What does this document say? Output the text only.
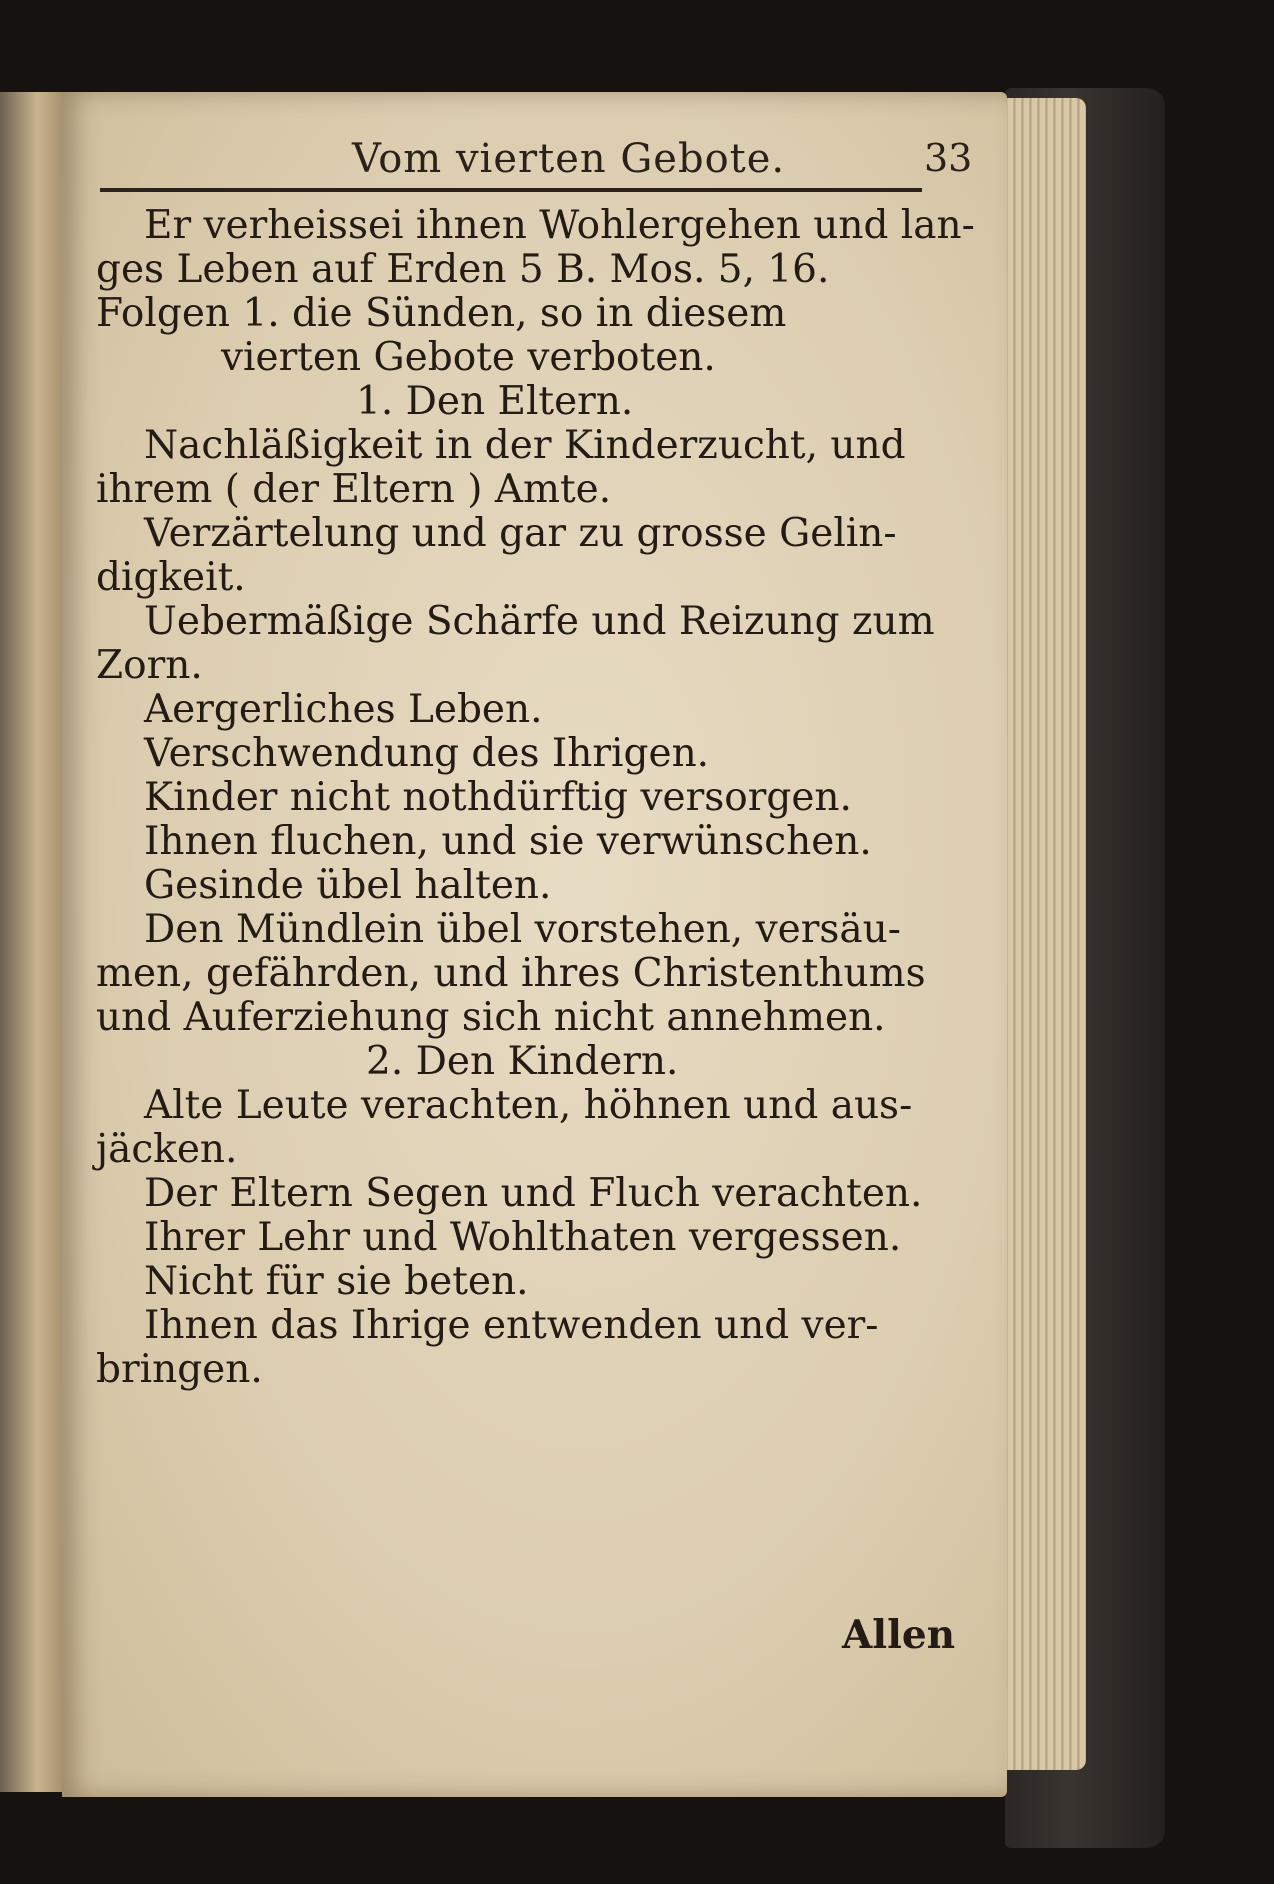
Vom vierten Gebote.	33

Er verheissei ihnen Wohlergehen und lan-

ges Leben auf Erden 5 B. Mos. 5, 16.

Folgen 1. die Sünden, so in diesem

vierten Gebote verboten.

1. Den Eltern.

Nachläßigkeit in der Kinderzucht, und

ihrem ( der Eltern ) Amte.

Verzärtelung und gar zu grosse Gelin-

digkeit.

Uebermäßige Schärfe und Reizung zum

Zorn.

Aergerliches Leben.

Verschwendung des Ihrigen.

Kinder nicht nothdürftig versorgen.

Ihnen fluchen, und sie verwünschen.

Gesinde übel halten.

Den Mündlein übel vorstehen, versäu-

men, gefährden, und ihres Christenthums

und Auferziehung sich nicht annehmen.

2. Den Kindern.

Alte Leute verachten, höhnen und aus-

jäcken.

Der Eltern Segen und Fluch verachten.

Ihrer Lehr und Wohlthaten vergessen.

Nicht für sie beten.

Ihnen das Ihrige entwenden und ver-

bringen.

Allen
